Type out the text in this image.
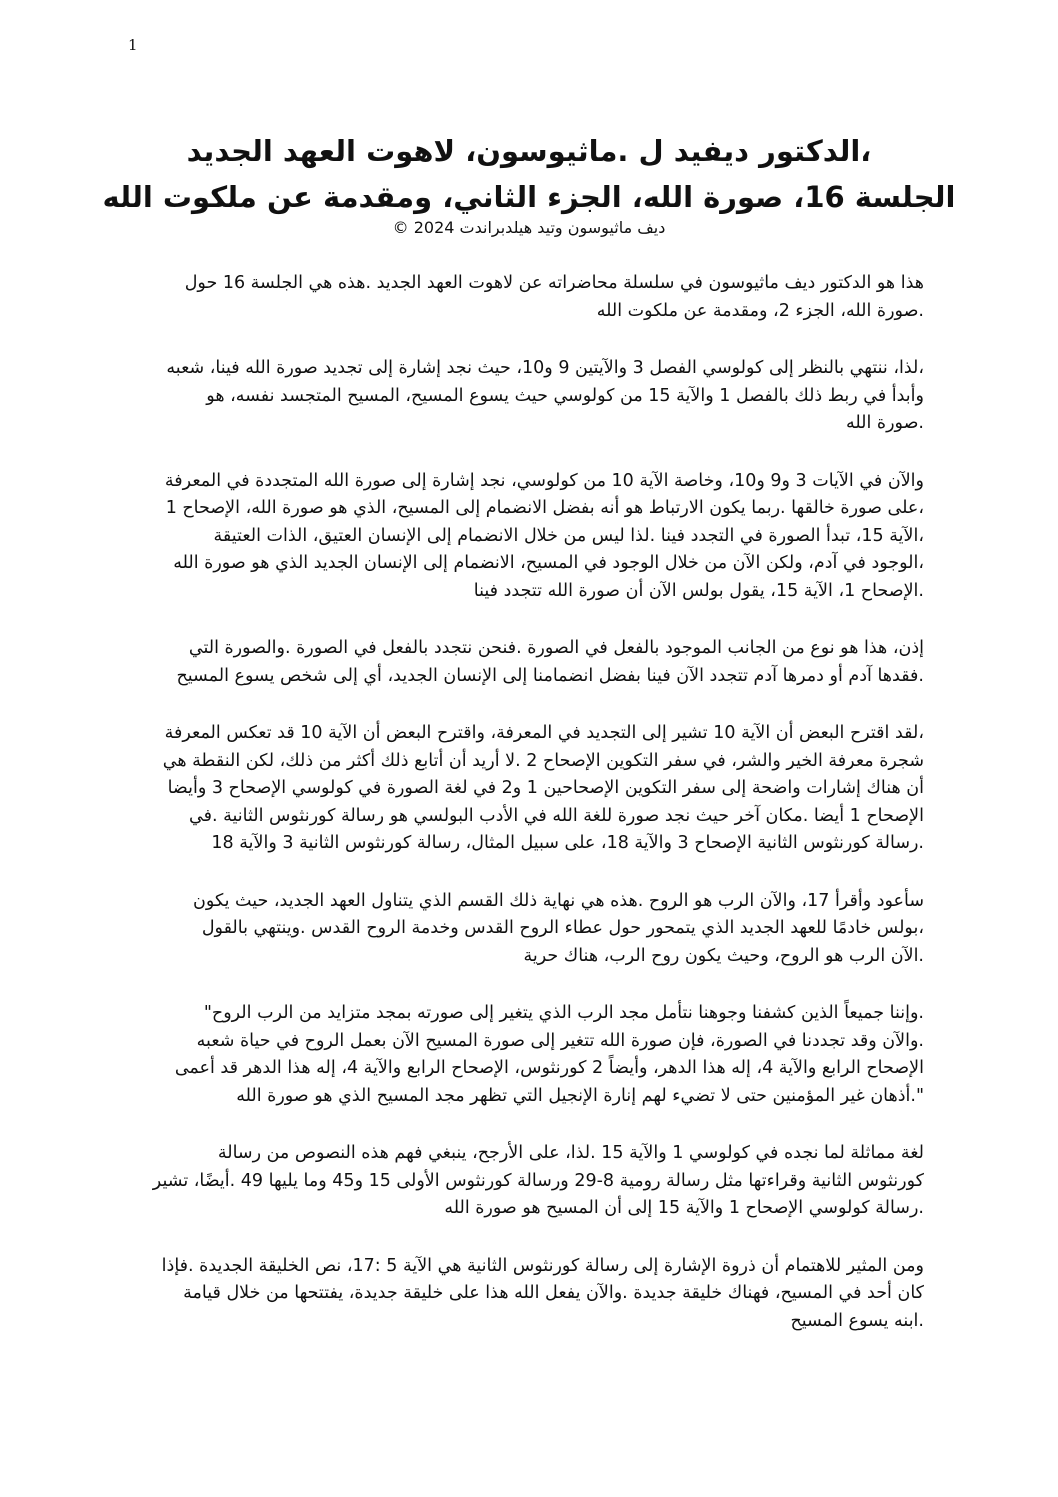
1
،الدكتور ديفيد ل .ماثيوسون، لاهوت العهد الجديد
الجلسة 16، صورة الله، الجزء الثاني، ومقدمة عن ملكوت الله
ديف ماثيوسون وتيد هيلدبراندت 2024 ©
هذا هو الدكتور ديف ماثيوسون في سلسلة محاضراته عن لاهوت العهد الجديد .هذه هي الجلسة 16 حول
.صورة الله، الجزء 2، ومقدمة عن ملكوت الله
،لذا، ننتهي بالنظر إلى كولوسي الفصل 3 والآيتين 9 و10، حيث نجد إشارة إلى تجديد صورة الله فينا، شعبه
وأبدأ في ربط ذلك بالفصل 1 والآية 15 من كولوسي حيث يسوع المسيح، المسيح المتجسد نفسه، هو
.صورة الله
والآن في الآيات 3 و9 و10، وخاصة الآية 10 من كولوسي، نجد إشارة إلى صورة الله المتجددة في المعرفة
،على صورة خالقها .ربما يكون الارتباط هو أنه بفضل الانضمام إلى المسيح، الذي هو صورة الله، الإصحاح 1
،الآية 15، تبدأ الصورة في التجدد فينا .لذا ليس من خلال الانضمام إلى الإنسان العتيق، الذات العتيقة
،الوجود في آدم، ولكن الآن من خلال الوجود في المسيح، الانضمام إلى الإنسان الجديد الذي هو صورة الله
.الإصحاح 1، الآية 15، يقول بولس الآن أن صورة الله تتجدد فينا
إذن، هذا هو نوع من الجانب الموجود بالفعل في الصورة .فنحن نتجدد بالفعل في الصورة .والصورة التي
.فقدها آدم أو دمرها آدم تتجدد الآن فينا بفضل انضمامنا إلى الإنسان الجديد، أي إلى شخص يسوع المسيح
،لقد اقترح البعض أن الآية 10 تشير إلى التجديد في المعرفة، واقترح البعض أن الآية 10 قد تعكس المعرفة
شجرة معرفة الخير والشر، في سفر التكوين الإصحاح 2 .لا أريد أن أتابع ذلك أكثر من ذلك، لكن النقطة هي
أن هناك إشارات واضحة إلى سفر التكوين الإصحاحين 1 و2 في لغة الصورة في كولوسي الإصحاح 3 وأيضا
الإصحاح 1 أيضا .مكان آخر حيث نجد صورة للغة الله في الأدب البولسي هو رسالة كورنثوس الثانية .في
.رسالة كورنثوس الثانية الإصحاح 3 والآية 18، على سبيل المثال، رسالة كورنثوس الثانية 3 والآية 18
سأعود وأقرأ 17، والآن الرب هو الروح .هذه هي نهاية ذلك القسم الذي يتناول العهد الجديد، حيث يكون
،بولس خادمًا للعهد الجديد الذي يتمحور حول عطاء الروح القدس وخدمة الروح القدس .وينتهي بالقول
.الآن الرب هو الروح، وحيث يكون روح الرب، هناك حرية
.وإننا جميعاً الذين كشفنا وجوهنا نتأمل مجد الرب الذي يتغير إلى صورته بمجد متزايد من الرب الروح"
.والآن وقد تجددنا في الصورة، فإن صورة الله تتغير إلى صورة المسيح الآن بعمل الروح في حياة شعبه
الإصحاح الرابع والآية 4، إله هذا الدهر، وأيضاً 2 كورنثوس، الإصحاح الرابع والآية 4، إله هذا الدهر قد أعمى
".أذهان غير المؤمنين حتى لا تضيء لهم إنارة الإنجيل التي تظهر مجد المسيح الذي هو صورة الله
لغة مماثلة لما نجده في كولوسي 1 والآية 15 .لذا، على الأرجح، ينبغي فهم هذه النصوص من رسالة
كورنثوس الثانية وقراءتها مثل رسالة رومية 8-29 ورسالة كورنثوس الأولى 15 و45 وما يليها 49 .أيضًا، تشير
.رسالة كولوسي الإصحاح 1 والآية 15 إلى أن المسيح هو صورة الله
ومن المثير للاهتمام أن ذروة الإشارة إلى رسالة كورنثوس الثانية هي الآية 5 :17، نص الخليقة الجديدة .فإذا
كان أحد في المسيح، فهناك خليقة جديدة .والآن يفعل الله هذا على خليقة جديدة، يفتتحها من خلال قيامة
.ابنه يسوع المسيح
